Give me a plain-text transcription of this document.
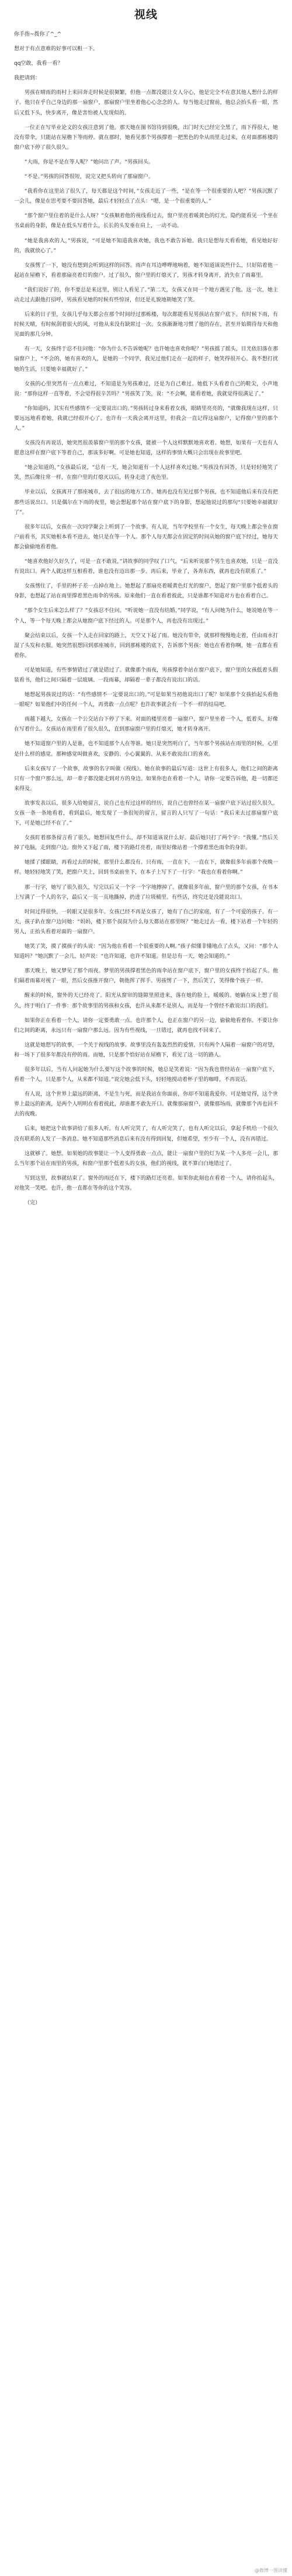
视线

你手指~拨你了^_^

想对于有点意难的好事可以粗一下。

qq空敢，我看一看？

我把请到：

男孩在晴雨的雨村上来回奔走时候是很频繁，但他一点都没能让女人分心，他是完全不在意其他人想什么的样子。他只在乎自己身边的那一扇窗户，那扇窗户里坐着他心心念念的人。每当他走过窗前，他总会抬头看一眼，然后又低下头，快步离开，像是害怕被人发现似的。

一位正在写毕业论文的女孩注意到了他。那天她在图书馆待到很晚，出门时天已经完全黑了，雨下得很大，她没有带伞，只能站在屋檐下等雨停。就在那时，她看见那个男孩撑着一把黑色的伞从雨里走过来，在对面那栋楼的窗户底下停了很久很久。

“大雨，你是不是在等人呢？”她问出了声。“男孩回头。

“不是。”男孩的回答很短，说完又把头转向了那扇窗户。

“我看你在这里站了很久了，每天都是这个时间，”女孩走近了一些，“是在等一个很重要的人吧？”男孩沉默了一会儿，像是在思考要不要回答她，最后才轻轻点了点头：“嗯，是一个很重要的人。”

“那个窗户里住着的是什么人呀？”女孩顺着他的视线看过去，窗户里亮着暖黄色的灯光，隐约能看见一个坐在书桌前的身影，像是在低头写着什么，长长的头发垂在肩上，一动不动。

“她是我喜欢的人，”男孩说，“可是她不知道我喜欢她，我也不敢告诉她。我只是想每天看看她，看见她好好的，我就放心了。”

女孩愣了一下，她没有想到会听到这样的回答。雨声在耳边哗哗地响着，她不知道该说些什么，只好陪着他一起站在屋檐下，看着那扇亮着灯的窗户。过了很久，窗户里的灯熄灭了，男孩才转身离开，消失在了雨幕里。

“我们说好了的，你不要总是来这里，别让人看见了。”第二天，女孩又在同一个地方遇见了他。这一次，她主动走过去跟他打招呼，男孩看见她的时候有些惊讶，但还是礼貌地朝她笑了笑。

后来的日子里，女孩几乎每天都会在那个时间经过那栋楼，每次都能看见男孩站在窗户底下。有时候下雨，有时候天晴，有时候刮着很大的风，可他从来没有缺席过一次。女孩渐渐地习惯了他的存在，甚至开始期待每天和他见面的那几分钟。

有一天，女孩终于忍不住问他：“你为什么不告诉她呢？也许她也喜欢你呢？”男孩摇了摇头，目光依旧落在那扇窗户上，“不会的，她有喜欢的人，是她的一个同学，我见过他们走在一起的样子，她笑得很开心。我不想打扰她的生活，只要她幸福就好了。”

女孩的心里突然有一点点难过，不知道是为男孩难过，还是为自己难过。她低下头看着自己的鞋尖，小声地说：“那你这样一直等着，不会觉得很辛苦吗？”男孩笑了笑，说：“不会啊，能看着她，我就觉得很满足了。”

“你知道吗，其实有些感情不一定要说出口的。”男孩转过身来看着女孩，眼睛里亮亮的，“就像我现在这样，只要远远地看着她，我就已经很开心了。也许有一天我会离开这里，但我会一直记得这扇窗户，记得窗户里的那个人。”

女孩没有再说话，她突然很羡慕窗户里的那个女孩，能被一个人这样默默地喜欢着。她想，如果有一天也有人愿意这样在窗户底下等着自己，那该多好啊。可是她也知道，这样的事情大概只会出现在故事里吧。

“她会知道的，”女孩最后说，“总有一天，她会知道有一个人这样喜欢过她。”男孩没有回答，只是轻轻地笑了笑，然后像往常一样，在窗户里的灯熄灭以后，转身走进了夜色里。

毕业以后，女孩离开了那座城市，去了很远的地方工作。她再也没有见过那个男孩，也不知道他后来有没有把那些话说出口。只是偶尔在下雨的夜里，她会想起那个站在窗户底下的身影，想起他说过的那句“只要她幸福就好了”。

很多年以后，女孩在一次同学聚会上听到了一个故事。有人说，当年学校里有一个女生，每天晚上都会坐在窗户前看书，其实她根本看不进去，她只是在等一个人。那个人每天都会在固定的时间从她的窗户底下经过，她每天都会偷偷地看着他。

“她喜欢他好久好久了，可是一直不敢说，”讲故事的同学叹了口气，“后来听说那个男生也喜欢她，只是一直没有说出口。两个人就这样互相看着，谁也没有迈出那一步。再后来，毕业了，各奔东西，就再也没有联系了。”

女孩愣住了，手里的杯子差一点掉在地上。她想起了那扇亮着暖黄色灯光的窗户，想起了窗户里那个低着头的身影，也想起了站在雨里撑着黑色雨伞的男孩。原来他们一直在看着彼此，只是谁都不知道对方也在看着自己。

“那个女生后来怎么样了？”女孩忍不住问。“听说她一直没有结婚，”同学说，“有人问她为什么，她说她在等一个人，等一个每天晚上都会从她窗户底下经过的人。可是那个人，再也没有出现过。”

聚会结束以后，女孩一个人走在回家的路上，天空又下起了雨。她没有带伞，就那样慢慢地走着，任由雨水打湿了头发和衣服。她突然很想回到那座城市，回到那栋楼的底下，告诉那个男孩：她也在看着你啊，她一直都在看着你。

可是她知道，有些事情错过了就是错过了。就像那个雨夜，男孩撑着伞站在窗户底下，窗户里的女孩低着头假装看书，他们之间只隔着一层玻璃、一段雨幕，却隔着一辈子都没有说出口的话。

她想起男孩说过的话：“有些感情不一定要说出口的。”可是如果当初他说出口了呢？如果那个女孩抬起头看他一眼呢？如果他们中的任何一个人，再勇敢一点点呢？也许故事就会有一个不一样的结局吧。

雨越下越大，女孩在一个公交站台下停了下来。对面的楼里亮着一扇窗户，窗户里坐着一个人，低着头，好像在写着什么。女孩站在雨里看了很久很久，直到那扇窗户里的灯熄灭，她才转身离开。

她不知道窗户里的人是谁，也不知道那个人在等谁。她只是突然明白了，当年那个男孩站在雨里的时候，心里是什么样的感觉。那种感觉叫做喜欢，安静的、小心翼翼的、从来不敢说出口的喜欢。

后来女孩写了一个故事，故事的名字叫做《视线》。她在故事的最后写道：这世上有很多人，他们之间的距离只有一个窗户那么远，却一辈子都没能走到对方的身边。如果你也在看着一个人，请你一定要告诉他，趁一切都还来得及。

故事发表以后，很多人给她留言，说自己也有过这样的经历，说自己也曾经在某一扇窗户底下站过很久很久。女孩一条一条地看着，看到最后，她发现了一条很短的留言，留言的人只写了一句话：“我后来去过那扇窗户底下，可是她已经不在了。”

女孩盯着那条留言看了很久，她想回复些什么，却不知道该说什么好。最后她只打了两个字：“我懂。”然后关掉了电脑，走到窗户边。窗外又下起了雨，楼下的路灯亮着，雨里好像站着一个撑着黑色雨伞的身影。

她揉了揉眼睛，再看过去的时候，那里什么都没有。只有雨，一直在下，一直在下，就像很多年前那个夜晚一样。她轻轻地笑了笑，把窗户关上，回到书桌前坐下，在本子上写下了一行字：“我也在看着你啊。”

那一行字，她写了很久很久，写完以后又一个字一个字地擦掉了。就像很多年前，窗户里的那个女孩，在书本上写满了一个人的名字，最后又一页一页地撕掉，扔进了垃圾桶里。有些话，终究还是没能说出口。

时间过得很快，一转眼又是很多年。女孩已经不再是女孩了，她有了自己的家庭，有了一个可爱的孩子。有一天，孩子趴在窗户边问她：“妈妈，楼下那个叔叔为什么每天都站在那里呀？”她走过去一看，楼下站着一个年轻的男人，正抬头看着对面的一扇窗户。

她笑了笑，摸了摸孩子的头说：“因为他在看着一个很重要的人啊。”孩子似懂非懂地点了点头，又问：“那个人知道吗？”她沉默了一会儿，轻声说：“也许知道，也许不知道。但是总有一天，她会知道的。”

那天晚上，她又梦见了那个雨夜。梦里的男孩撑着黑色的雨伞站在窗户底下，窗户里的女孩终于抬起了头。他们隔着雨幕对视了一眼，然后女孩推开窗户，朝他挥了挥手。男孩愣了一下，然后笑了，笑得像个孩子一样。

醒来的时候，窗外的天已经亮了。阳光从窗帘的缝隙里照进来，落在她的脸上，暖暖的。她躺在床上想了很久，终于明白了一件事：那个故事里的男孩和女孩，也许从来都不是别人，而是每一个曾经不敢说出口的我们。

如果你正在看着一个人，请你一定要勇敢一点。也许那个人，也正在窗户的另一边，偷偷地看着你。不要让你们之间的距离，永远只有一扇窗户那么远。因为有些视线，一旦错过，就再也找不回来了。

这就是她想写的故事，一个关于视线的故事。故事里没有轰轰烈烈的爱情，只有两个人隔着一扇窗户的对望，和一场下了很多年都没有停的雨。而她，只是那个恰好站在屋檐下，看见了这一切的路人。

很多年以后，当有人问起她为什么要写这个故事的时候，她总是笑着说：“因为我也曾经站在一扇窗户底下，看着一个人。只是那个人，从来都不知道。”说完她会低下头，轻轻地搅动着杯子里的咖啡，不再说话。

有人说，这个世界上最远的距离，不是生与死，而是我站在你面前，你却不知道我爱你。可是她觉得，这个世界上最远的距离，是两个人明明在看着彼此，却谁都不敢先开口。就像那扇窗户，就像那场雨，就像那个再也回不去的夜晚。

后来，她把这个故事讲给了很多人听。有人听完哭了，有人听完笑了，也有人听完以后，拿起手机给一个很久没有联系的人发了一条消息。她不知道那些消息后来有没有得到回复，但她希望，至少有一个人，没有再错过。

这就够了。她想。如果她的故事能让一个人变得勇敢一点点，能让一扇窗户里的灯为某一个人多亮一会儿，那么当年那个站在雨里的男孩，和窗户里那个低着头的女孩，他们的视线，就不算白白地错过了。

写到这里，故事就结束了。窗外的雨还在下，楼下的路灯还亮着。如果你此刻也在看着一个人，请你抬起头，对他笑一笑吧。也许，他一直都在等你的这个笑容。

（完）

@微博一图读懂
